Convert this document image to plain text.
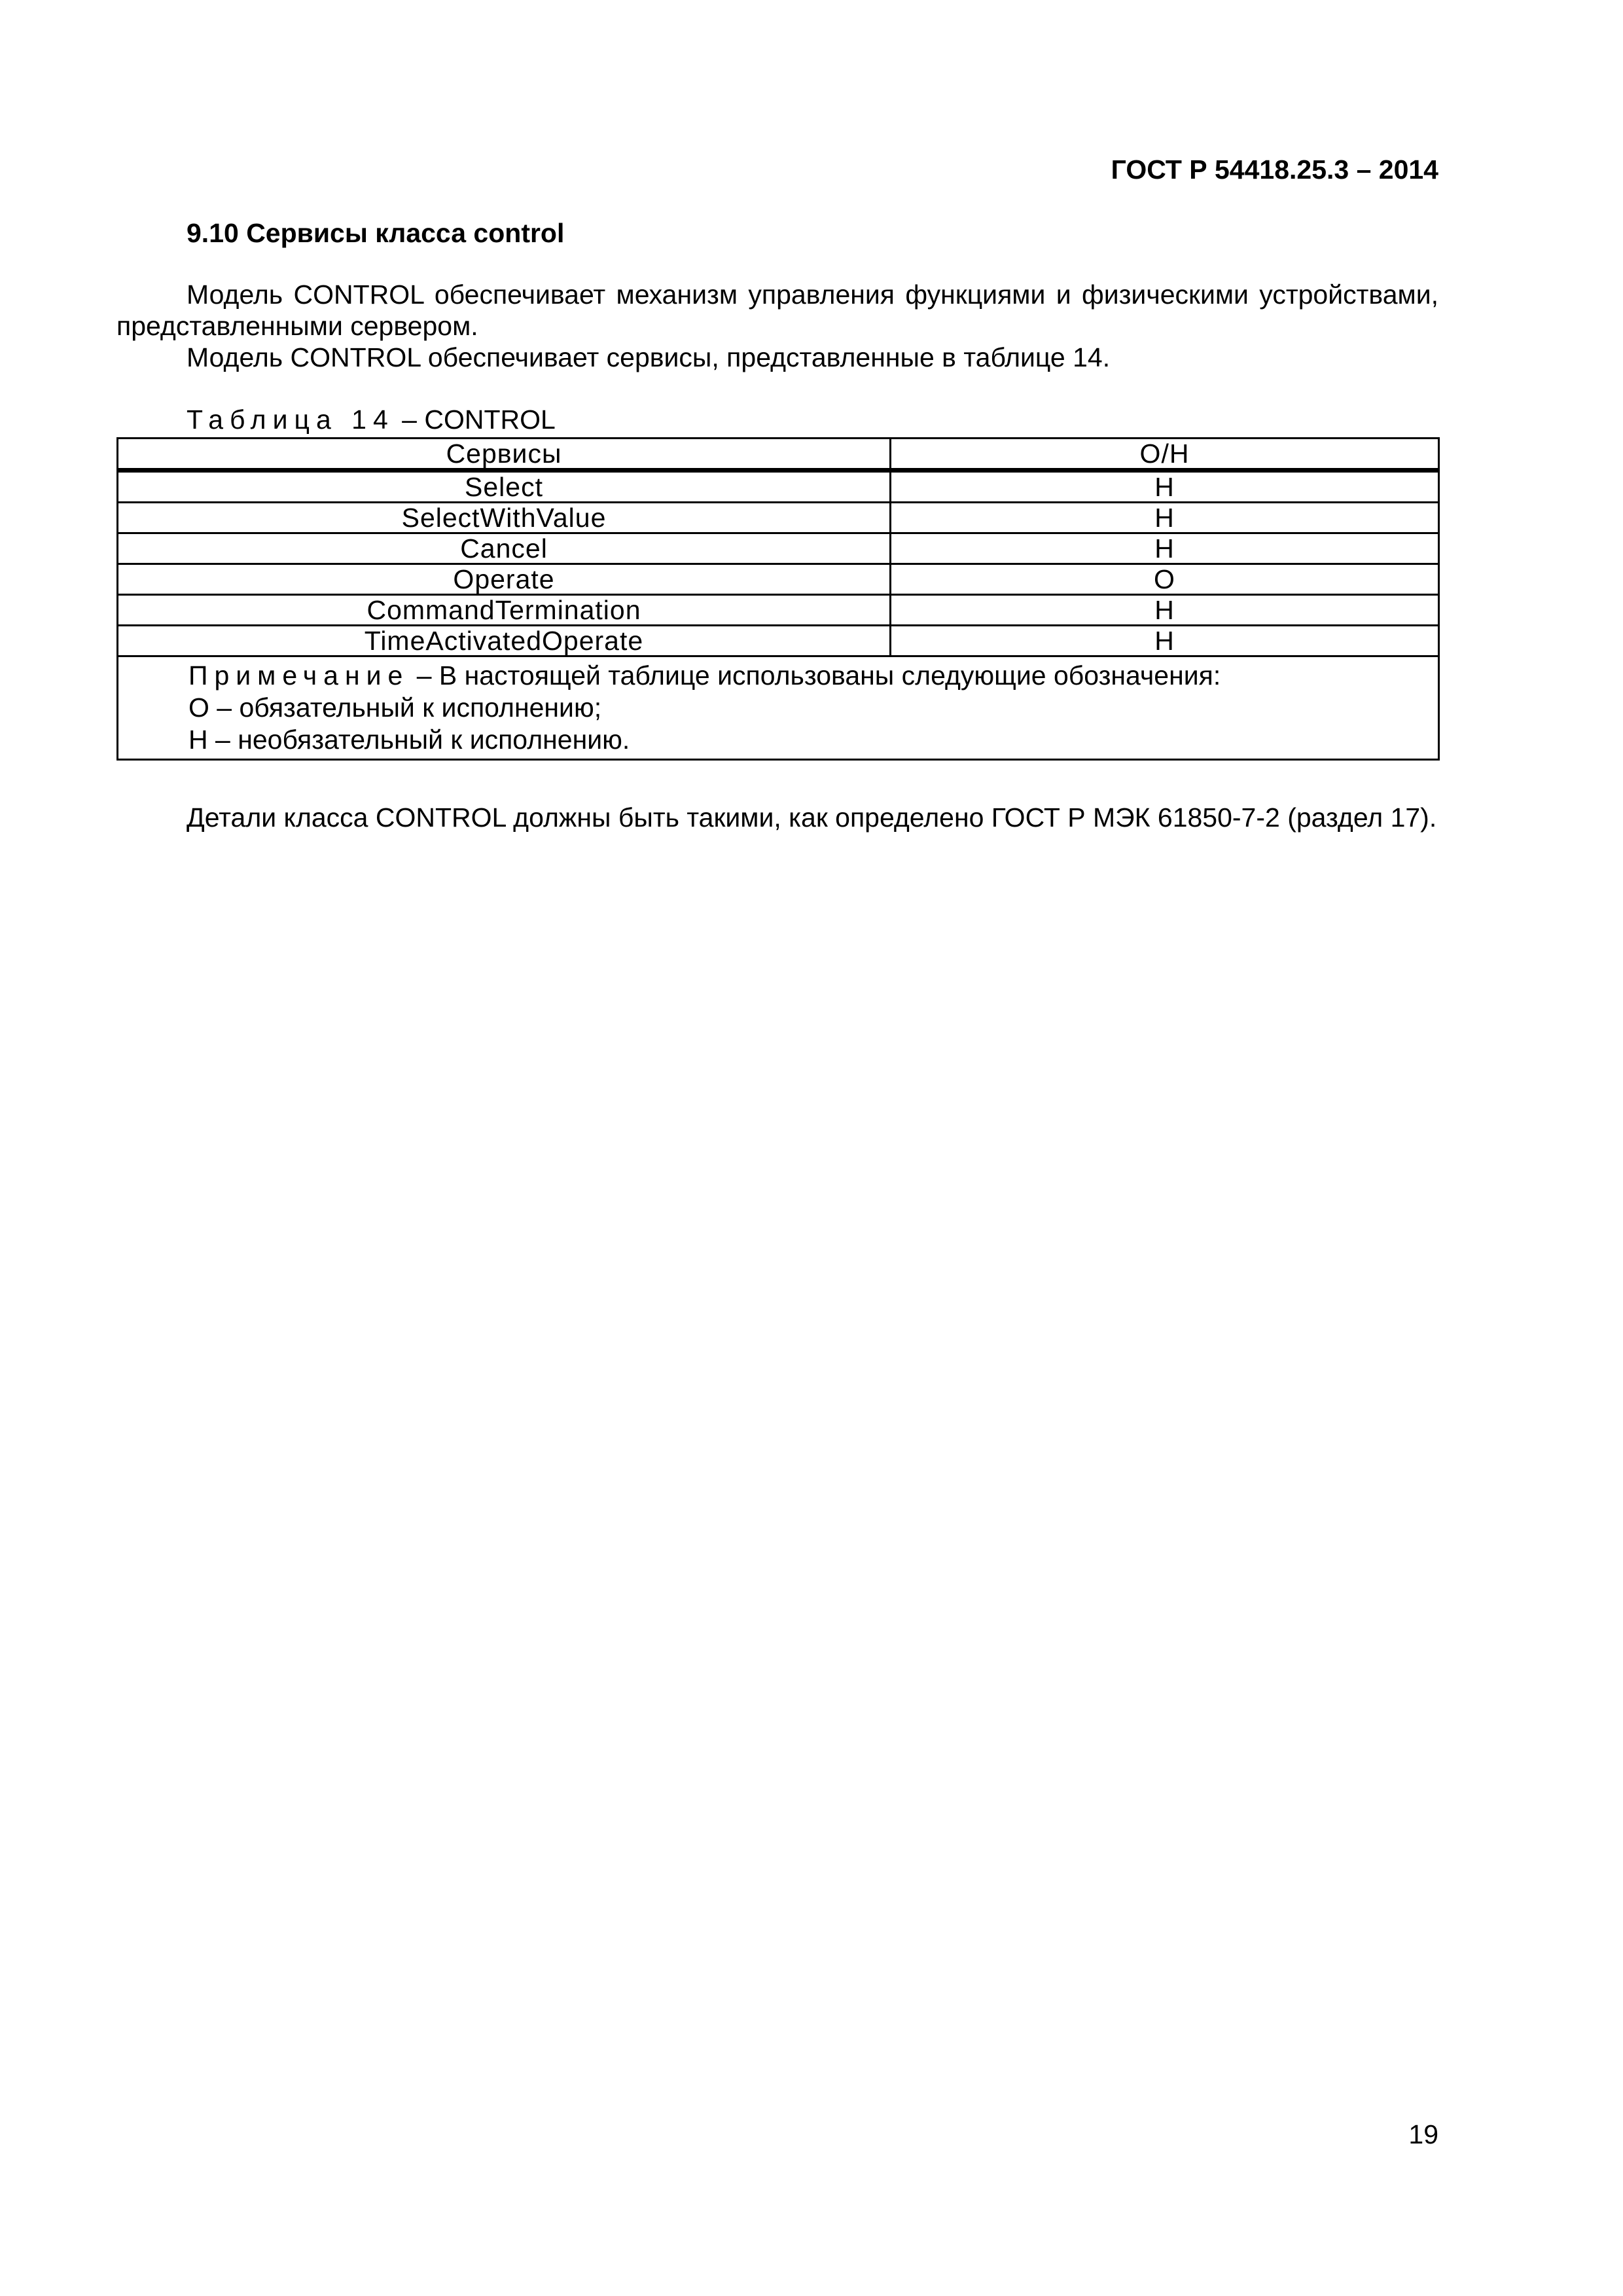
ГОСТ Р 54418.25.3 – 2014
9.10 Сервисы класса control
Модель CONTROL обеспечивает механизм управления функциями и физическими устройствами, представленными сервером.
Модель CONTROL обеспечивает сервисы, представленные в таблице 14.
Таблица 14 – CONTROL
Сервисы	О/Н
Select	Н
SelectWithValue	Н
Cancel	Н
Operate	О
CommandTermination	Н
TimeActivatedOperate	Н

Примечание – В настоящей таблице использованы следующие обозначения:
О – обязательный к исполнению;
Н – необязательный к исполнению.	
Детали класса CONTROL должны быть такими, как определено ГОСТ Р МЭК 61850-7-2 (раздел 17).
19
